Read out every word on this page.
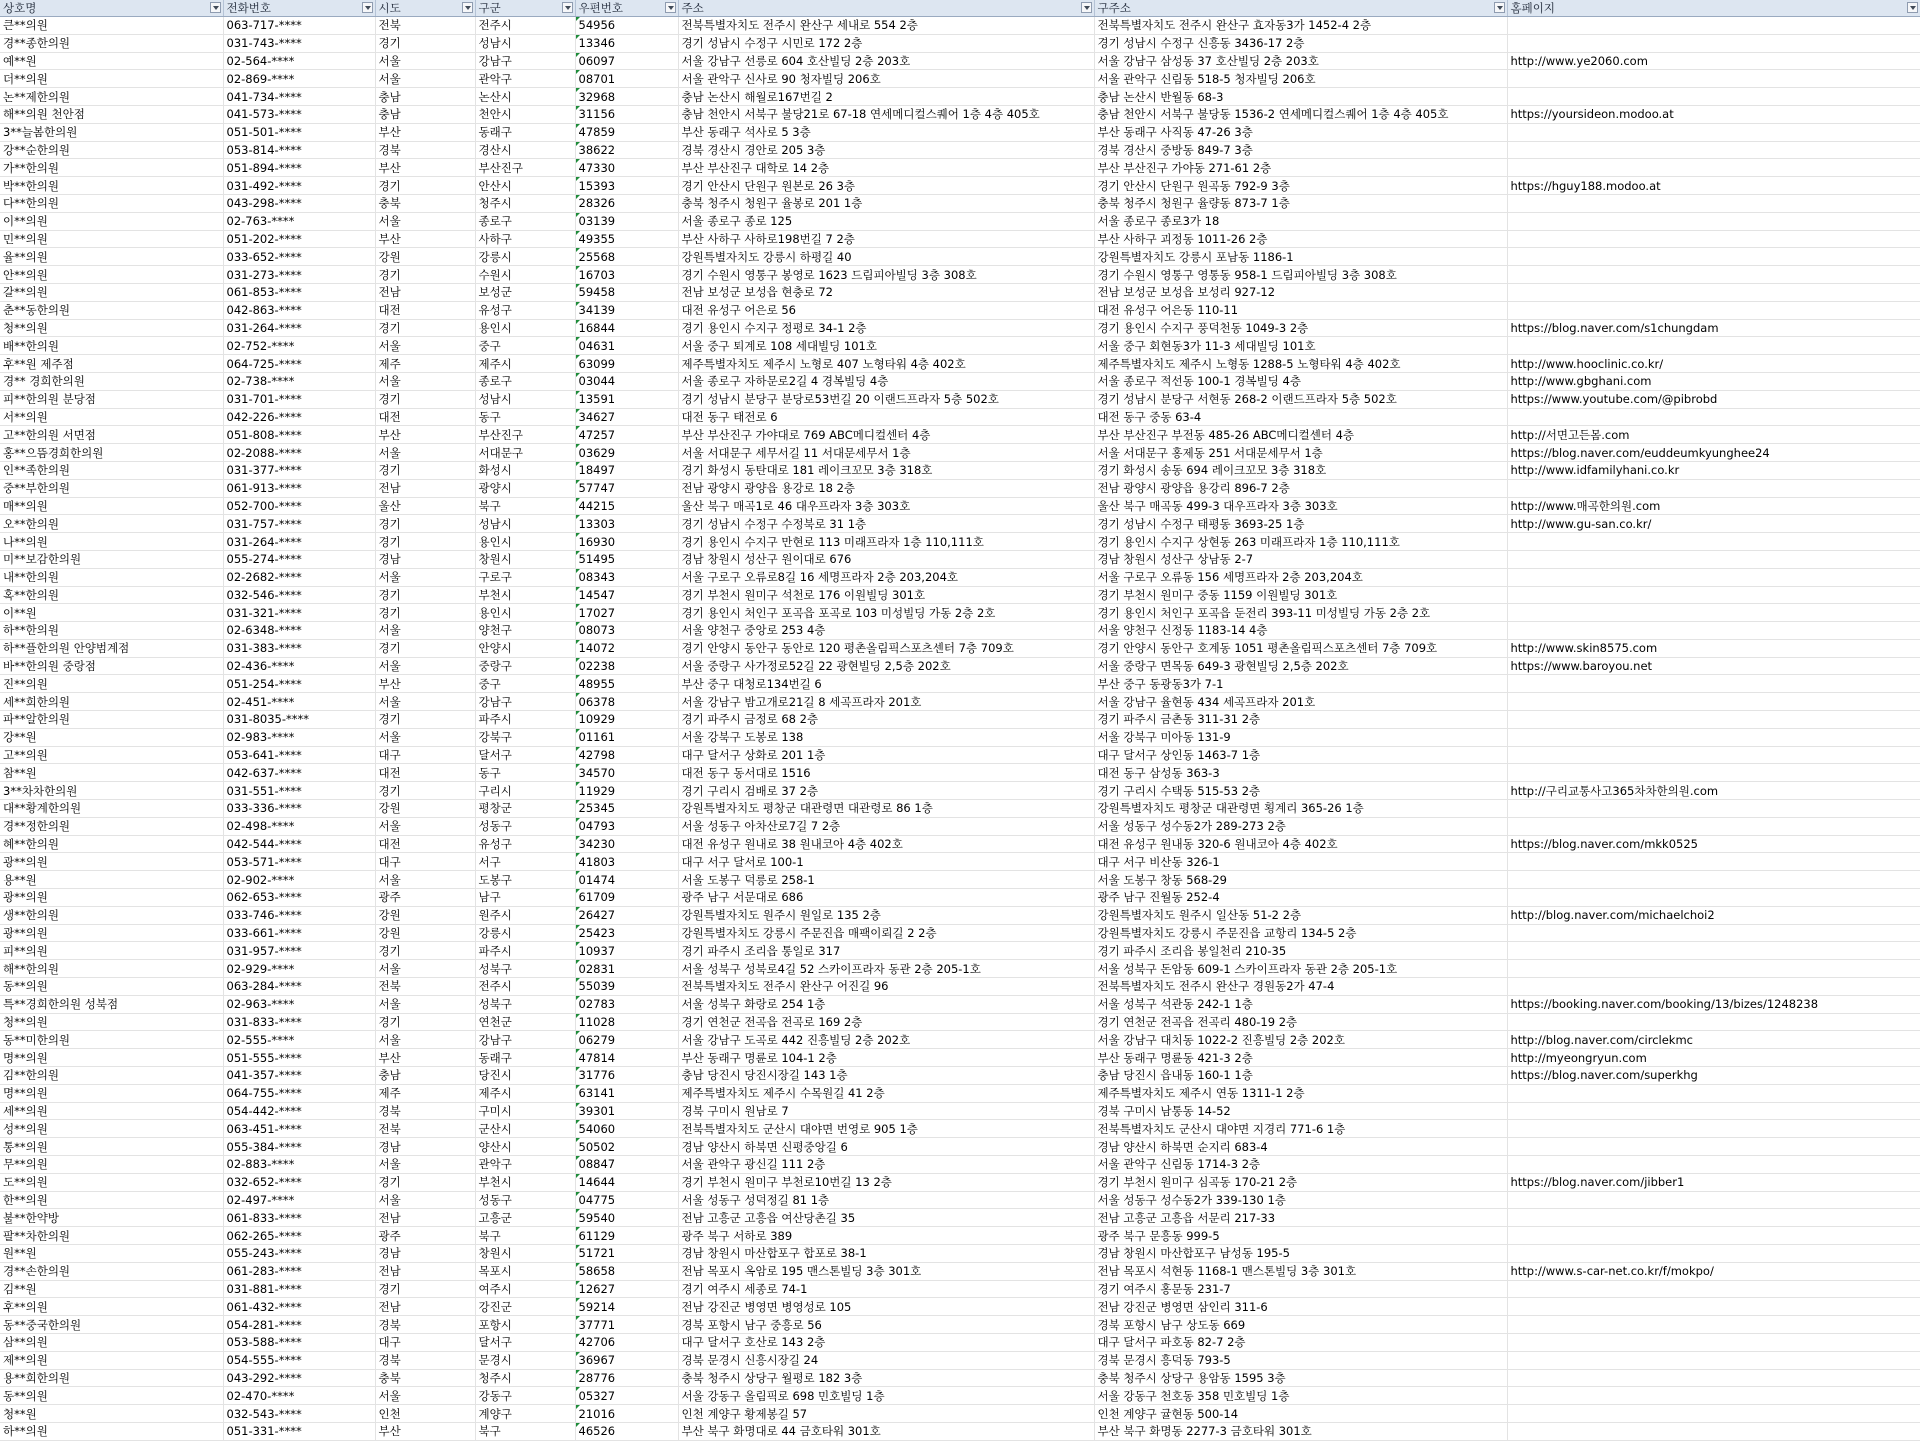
상호명	전화번호	시도	구군	우편번호	주소	구주소	홈페이지

큰**의원	063-717-****	전북	전주시	54956	전북특별자치도 전주시 완산구 세내로 554 2층	전북특별자치도 전주시 완산구 효자동3가 1452-4 2층	
경**종한의원	031-743-****	경기	성남시	13346	경기 성남시 수정구 시민로 172 2층	경기 성남시 수정구 신흥동 3436-17 2층	
예**원	02-564-****	서울	강남구	06097	서울 강남구 선릉로 604 호산빌딩 2층 203호	서울 강남구 삼성동 37 호산빌딩 2층 203호	http://www.ye2060.com
더**의원	02-869-****	서울	관악구	08701	서울 관악구 신사로 90 청자빌딩 206호	서울 관악구 신림동 518-5 청자빌딩 206호	
논**제한의원	041-734-****	충남	논산시	32968	충남 논산시 해월로167번길 2	충남 논산시 반월동 68-3	
해**의원 천안점	041-573-****	충남	천안시	31156	충남 천안시 서북구 불당21로 67-18 연세메디컬스퀘어 1층 4층 405호	충남 천안시 서북구 불당동 1536-2 연세메디컬스퀘어 1층 4층 405호	https://yoursideon.modoo.at
3**늘봄한의원	051-501-****	부산	동래구	47859	부산 동래구 석사로 5 3층	부산 동래구 사직동 47-26 3층	
강**순한의원	053-814-****	경북	경산시	38622	경북 경산시 경안로 205 3층	경북 경산시 중방동 849-7 3층	
가**한의원	051-894-****	부산	부산진구	47330	부산 부산진구 대학로 14 2층	부산 부산진구 가야동 271-61 2층	
박**한의원	031-492-****	경기	안산시	15393	경기 안산시 단원구 원본로 26 3층	경기 안산시 단원구 원곡동 792-9 3층	https://hguy188.modoo.at
다**한의원	043-298-****	충북	청주시	28326	충북 청주시 청원구 율봉로 201 1층	충북 청주시 청원구 율량동 873-7 1층	
이**의원	02-763-****	서울	종로구	03139	서울 종로구 종로 125	서울 종로구 종로3가 18	
민**의원	051-202-****	부산	사하구	49355	부산 사하구 사하로198번길 7 2층	부산 사하구 괴정동 1011-26 2층	
율**의원	033-652-****	강원	강릉시	25568	강원특별자치도 강릉시 하평길 40	강원특별자치도 강릉시 포남동 1186-1	
안**의원	031-273-****	경기	수원시	16703	경기 수원시 영통구 봉영로 1623 드림피아빌딩 3층 308호	경기 수원시 영통구 영통동 958-1 드림피아빌딩 3층 308호	
갈**의원	061-853-****	전남	보성군	59458	전남 보성군 보성읍 현충로 72	전남 보성군 보성읍 보성리 927-12	
춘**동한의원	042-863-****	대전	유성구	34139	대전 유성구 어은로 56	대전 유성구 어은동 110-11	
청**의원	031-264-****	경기	용인시	16844	경기 용인시 수지구 정평로 34-1 2층	경기 용인시 수지구 풍덕천동 1049-3 2층	https://blog.naver.com/s1chungdam
배**한의원	02-752-****	서울	중구	04631	서울 중구 퇴계로 108 세대빌딩 101호	서울 중구 회현동3가 11-3 세대빌딩 101호	
후**원 제주점	064-725-****	제주	제주시	63099	제주특별자치도 제주시 노형로 407 노형타워 4층 402호	제주특별자치도 제주시 노형동 1288-5 노형타워 4층 402호	http://www.hooclinic.co.kr/
경** 경희한의원	02-738-****	서울	종로구	03044	서울 종로구 자하문로2길 4 경복빌딩 4층	서울 종로구 적선동 100-1 경복빌딩 4층	http://www.gbghani.com
피**한의원 분당점	031-701-****	경기	성남시	13591	경기 성남시 분당구 분당로53번길 20 이랜드프라자 5층 502호	경기 성남시 분당구 서현동 268-2 이랜드프라자 5층 502호	https://www.youtube.com/@pibrobd
서**의원	042-226-****	대전	동구	34627	대전 동구 태전로 6	대전 동구 중동 63-4	
고**한의원 서면점	051-808-****	부산	부산진구	47257	부산 부산진구 가야대로 769 ABC메디컬센터 4층	부산 부산진구 부전동 485-26 ABC메디컬센터 4층	http://서면고든몸.com
홍**으뜸경희한의원	02-2088-****	서울	서대문구	03629	서울 서대문구 세무서길 11 서대문세무서 1층	서울 서대문구 홍제동 251 서대문세무서 1층	https://blog.naver.com/euddeumkyunghee24
인**족한의원	031-377-****	경기	화성시	18497	경기 화성시 동탄대로 181 레이크꼬모 3층 318호	경기 화성시 송동 694 레이크꼬모 3층 318호	http://www.idfamilyhani.co.kr
중**부한의원	061-913-****	전남	광양시	57747	전남 광양시 광양읍 용강로 18 2층	전남 광양시 광양읍 용강리 896-7 2층	
매**의원	052-700-****	울산	북구	44215	울산 북구 매곡1로 46 대우프라자 3층 303호	울산 북구 매곡동 499-3 대우프라자 3층 303호	http://www.매곡한의원.com
오**한의원	031-757-****	경기	성남시	13303	경기 성남시 수정구 수정북로 31 1층	경기 성남시 수정구 태평동 3693-25 1층	http://www.gu-san.co.kr/
나**의원	031-264-****	경기	용인시	16930	경기 용인시 수지구 만현로 113 미래프라자 1층 110,111호	경기 용인시 수지구 상현동 263 미래프라자 1층 110,111호	
미**보감한의원	055-274-****	경남	창원시	51495	경남 창원시 성산구 원이대로 676	경남 창원시 성산구 상남동 2-7	
내**한의원	02-2682-****	서울	구로구	08343	서울 구로구 오류로8길 16 세명프라자 2층 203,204호	서울 구로구 오류동 156 세명프라자 2층 203,204호	
혹**한의원	032-546-****	경기	부천시	14547	경기 부천시 원미구 석천로 176 이원빌딩 301호	경기 부천시 원미구 중동 1159 이원빌딩 301호	
이**원	031-321-****	경기	용인시	17027	경기 용인시 처인구 포곡읍 포곡로 103 미성빌딩 가동 2층 2호	경기 용인시 처인구 포곡읍 둔전리 393-11 미성빌딩 가동 2층 2호	
하**한의원	02-6348-****	서울	양천구	08073	서울 양천구 중앙로 253 4층	서울 양천구 신정동 1183-14 4층	
하**플한의원 안양범계점	031-383-****	경기	안양시	14072	경기 안양시 동안구 동안로 120 평촌올림픽스포츠센터 7층 709호	경기 안양시 동안구 호계동 1051 평촌올림픽스포츠센터 7층 709호	http://www.skin8575.com
바**한의원 중랑점	02-436-****	서울	중랑구	02238	서울 중랑구 사가정로52길 22 광현빌딩 2,5층 202호	서울 중랑구 면목동 649-3 광현빌딩 2,5층 202호	https://www.baroyou.net
진**의원	051-254-****	부산	중구	48955	부산 중구 대청로134번길 6	부산 중구 동광동3가 7-1	
세**희한의원	02-451-****	서울	강남구	06378	서울 강남구 밤고개로21길 8 세곡프라자 201호	서울 강남구 율현동 434 세곡프라자 201호	
파**알한의원	031-8035-****	경기	파주시	10929	경기 파주시 금정로 68 2층	경기 파주시 금촌동 311-31 2층	
강**원	02-983-****	서울	강북구	01161	서울 강북구 도봉로 138	서울 강북구 미아동 131-9	
고**의원	053-641-****	대구	달서구	42798	대구 달서구 상화로 201 1층	대구 달서구 상인동 1463-7 1층	
참**원	042-637-****	대전	동구	34570	대전 동구 동서대로 1516	대전 동구 삼성동 363-3	
3**차차한의원	031-551-****	경기	구리시	11929	경기 구리시 검배로 37 2층	경기 구리시 수택동 515-53 2층	http://구리교통사고365차차한의원.com
대**황계한의원	033-336-****	강원	평창군	25345	강원특별자치도 평창군 대관령면 대관령로 86 1층	강원특별자치도 평창군 대관령면 횡계리 365-26 1층	
경**정한의원	02-498-****	서울	성동구	04793	서울 성동구 아차산로7길 7 2층	서울 성동구 성수동2가 289-273 2층	
혜**한의원	042-544-****	대전	유성구	34230	대전 유성구 원내로 38 원내코아 4층 402호	대전 유성구 원내동 320-6 원내코아 4층 402호	https://blog.naver.com/mkk0525
광**의원	053-571-****	대구	서구	41803	대구 서구 달서로 100-1	대구 서구 비산동 326-1	
용**원	02-902-****	서울	도봉구	01474	서울 도봉구 덕릉로 258-1	서울 도봉구 창동 568-29	
광**의원	062-653-****	광주	남구	61709	광주 남구 서문대로 686	광주 남구 진월동 252-4	
생**한의원	033-746-****	강원	원주시	26427	강원특별자치도 원주시 원일로 135 2층	강원특별자치도 원주시 일산동 51-2 2층	http://blog.naver.com/michaelchoi2
광**의원	033-661-****	강원	강릉시	25423	강원특별자치도 강릉시 주문진읍 매팩이뢰길 2 2층	강원특별자치도 강릉시 주문진읍 교항리 134-5 2층	
피**의원	031-957-****	경기	파주시	10937	경기 파주시 조리읍 통일로 317	경기 파주시 조리읍 봉일천리 210-35	
해**한의원	02-929-****	서울	성북구	02831	서울 성북구 성북로4길 52 스카이프라자 동관 2층 205-1호	서울 성북구 돈암동 609-1 스카이프라자 동관 2층 205-1호	
동**의원	063-284-****	전북	전주시	55039	전북특별자치도 전주시 완산구 어진길 96	전북특별자치도 전주시 완산구 경원동2가 47-4	
특**경희한의원 성북점	02-963-****	서울	성북구	02783	서울 성북구 화랑로 254 1층	서울 성북구 석관동 242-1 1층	https://booking.naver.com/booking/13/bizes/1248238
청**의원	031-833-****	경기	연천군	11028	경기 연천군 전곡읍 전곡로 169 2층	경기 연천군 전곡읍 전곡리 480-19 2층	
동**미한의원	02-555-****	서울	강남구	06279	서울 강남구 도곡로 442 진흥빌딩 2층 202호	서울 강남구 대치동 1022-2 진흥빌딩 2층 202호	http://blog.naver.com/circlekmc
명**의원	051-555-****	부산	동래구	47814	부산 동래구 명륜로 104-1 2층	부산 동래구 명륜동 421-3 2층	http://myeongryun.com
김**한의원	041-357-****	충남	당진시	31776	충남 당진시 당진시장길 143 1층	충남 당진시 읍내동 160-1 1층	https://blog.naver.com/superkhg
명**의원	064-755-****	제주	제주시	63141	제주특별자치도 제주시 수목원길 41 2층	제주특별자치도 제주시 연동 1311-1 2층	
세**의원	054-442-****	경북	구미시	39301	경북 구미시 원남로 7	경북 구미시 남통동 14-52	
성**의원	063-451-****	전북	군산시	54060	전북특별자치도 군산시 대야면 번영로 905 1층	전북특별자치도 군산시 대야면 지경리 771-6 1층	
통**의원	055-384-****	경남	양산시	50502	경남 양산시 하북면 신평중앙길 6	경남 양산시 하북면 순지리 683-4	
무**의원	02-883-****	서울	관악구	08847	서울 관악구 광신길 111 2층	서울 관악구 신림동 1714-3 2층	
도**의원	032-652-****	경기	부천시	14644	경기 부천시 원미구 부천로10번길 13 2층	경기 부천시 원미구 심곡동 170-21 2층	https://blog.naver.com/jibber1
한**의원	02-497-****	서울	성동구	04775	서울 성동구 성덕정길 81 1층	서울 성동구 성수동2가 339-130 1층	
불**한약방	061-833-****	전남	고흥군	59540	전남 고흥군 고흥읍 여산당촌길 35	전남 고흥군 고흥읍 서문리 217-33	
팔**차한의원	062-265-****	광주	북구	61129	광주 북구 서하로 389	광주 북구 문흥동 999-5	
원**원	055-243-****	경남	창원시	51721	경남 창원시 마산합포구 합포로 38-1	경남 창원시 마산합포구 남성동 195-5	
경**손한의원	061-283-****	전남	목포시	58658	전남 목포시 옥암로 195 맨스톤빌딩 3층 301호	전남 목포시 석현동 1168-1 맨스톤빌딩 3층 301호	http://www.s-car-net.co.kr/f/mokpo/
김**원	031-881-****	경기	여주시	12627	경기 여주시 세종로 74-1	경기 여주시 홍문동 231-7	
후**의원	061-432-****	전남	강진군	59214	전남 강진군 병영면 병영성로 105	전남 강진군 병영면 삼인리 311-6	
동**중국한의원	054-281-****	경북	포항시	37771	경북 포항시 남구 중흥로 56	경북 포항시 남구 상도동 669	
삼**의원	053-588-****	대구	달서구	42706	대구 달서구 호산로 143 2층	대구 달서구 파호동 82-7 2층	
제**의원	054-555-****	경북	문경시	36967	경북 문경시 신흥시장길 24	경북 문경시 흥덕동 793-5	
용**희한의원	043-292-****	충북	청주시	28776	충북 청주시 상당구 월평로 182 3층	충북 청주시 상당구 용암동 1595 3층	
동**의원	02-470-****	서울	강동구	05327	서울 강동구 올림픽로 698 민호빌딩 1층	서울 강동구 천호동 358 민호빌딩 1층	
청**원	032-543-****	인천	계양구	21016	인천 계양구 황제봉길 57	인천 계양구 귤현동 500-14	
하**의원	051-331-****	부산	북구	46526	부산 북구 화명대로 44 금호타워 301호	부산 북구 화명동 2277-3 금호타워 301호	
